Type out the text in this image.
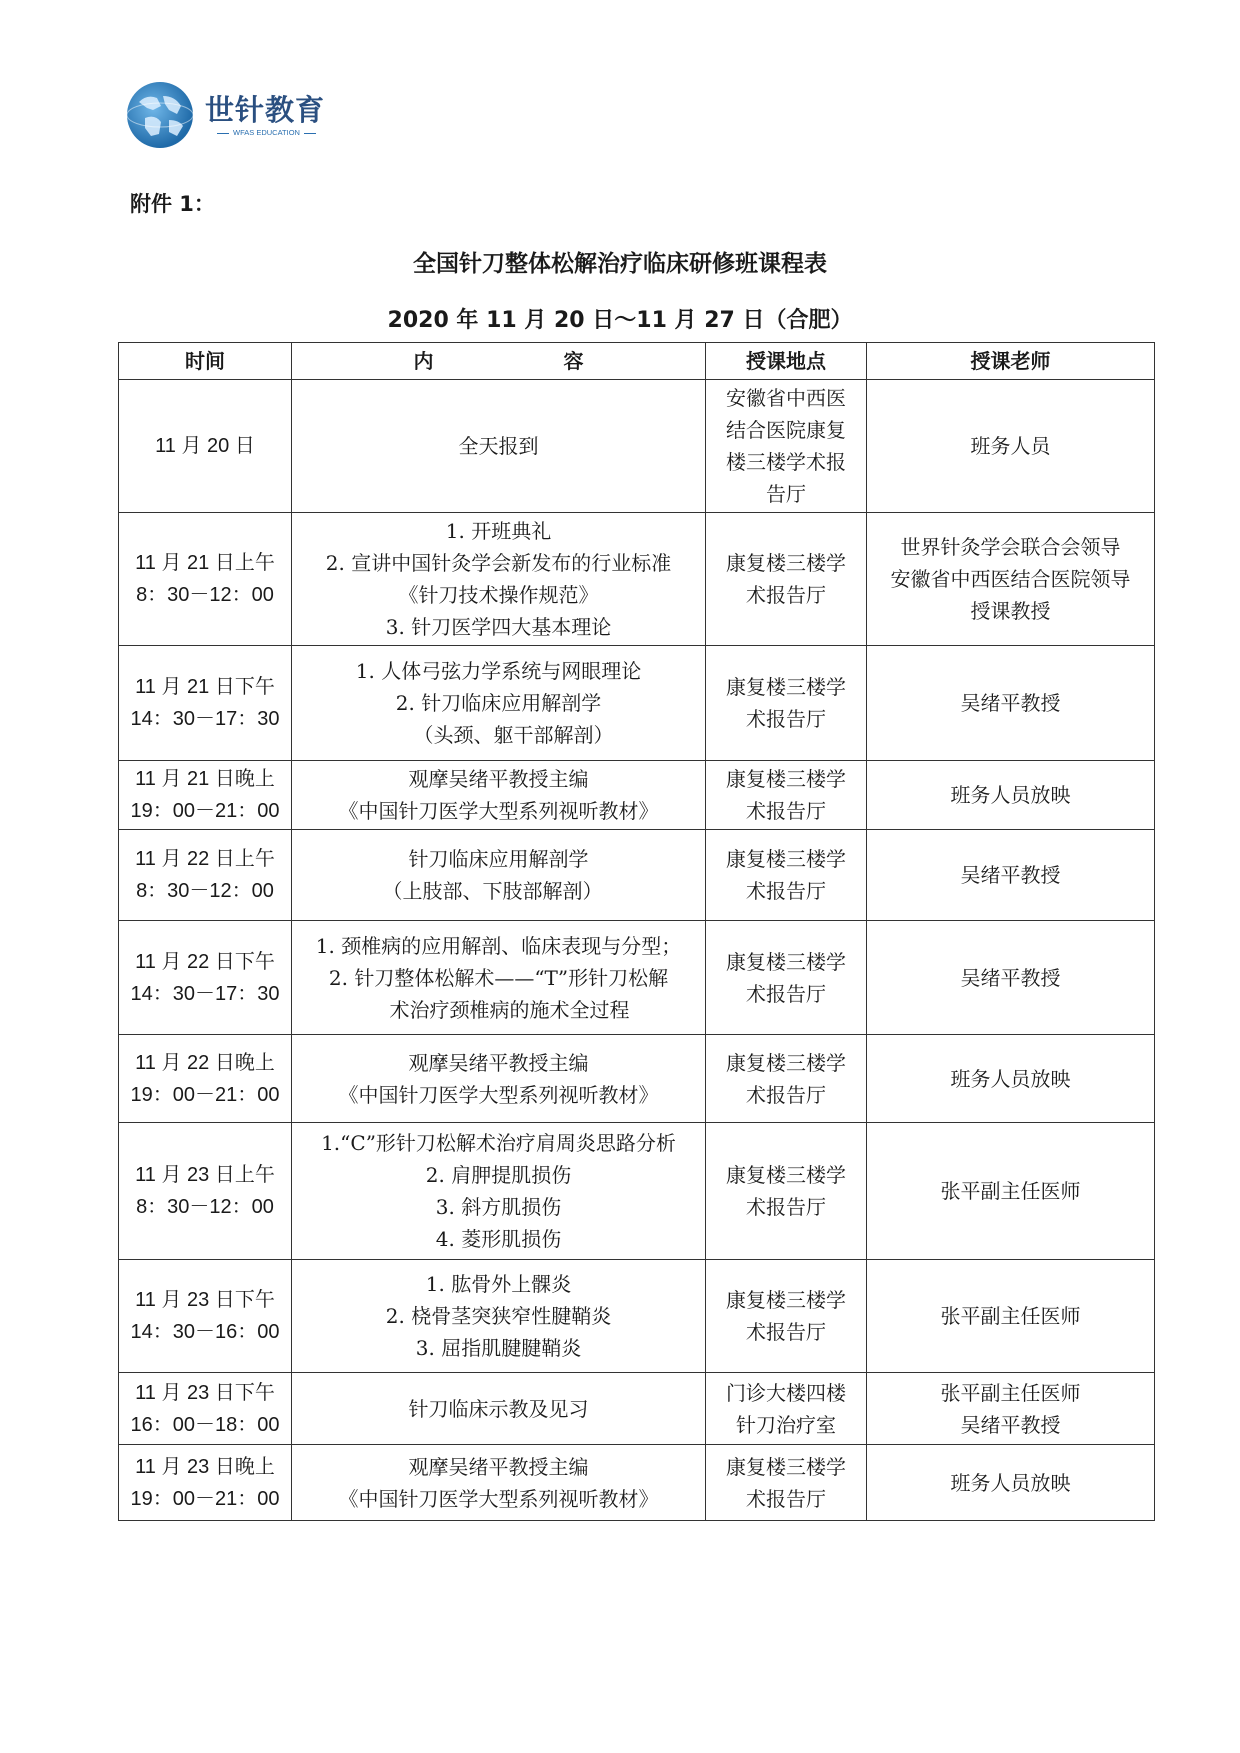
世针教育
WFAS EDUCATION
附件 1：
全国针刀整体松解治疗临床研修班课程表
2020 年 11 月 20 日～11 月 27 日（合肥）
时间	内 容	授课地点	授课老师

11 月 20 日	全天报到	安徽省中西医
结合医院康复
楼三楼学术报
告厅	班务人员

11 月 21 日上午
8：30－12：00	1. 开班典礼
2. 宣讲中国针灸学会新发布的行业标准
《针刀技术操作规范》
3. 针刀医学四大基本理论	康复楼三楼学
术报告厅	世界针灸学会联合会领导
安徽省中西医结合医院领导
授课教授

11 月 21 日下午
14：30－17：30	1. 人体弓弦力学系统与网眼理论
2. 针刀临床应用解剖学
（头颈、躯干部解剖）	康复楼三楼学
术报告厅	吴绪平教授

11 月 21 日晚上
19：00－21：00	观摩吴绪平教授主编
《中国针刀医学大型系列视听教材》	康复楼三楼学
术报告厅	班务人员放映

11 月 22 日上午
8：30－12：00	针刀临床应用解剖学
（上肢部、下肢部解剖）	康复楼三楼学
术报告厅	吴绪平教授

11 月 22 日下午
14：30－17：30	1. 颈椎病的应用解剖、临床表现与分型；
2. 针刀整体松解术——“T”形针刀松解
术治疗颈椎病的施术全过程	康复楼三楼学
术报告厅	吴绪平教授

11 月 22 日晚上
19：00－21：00	观摩吴绪平教授主编
《中国针刀医学大型系列视听教材》	康复楼三楼学
术报告厅	班务人员放映

11 月 23 日上午
8：30－12：00	1.“C”形针刀松解术治疗肩周炎思路分析
2. 肩胛提肌损伤
3. 斜方肌损伤
4. 菱形肌损伤	康复楼三楼学
术报告厅	张平副主任医师

11 月 23 日下午
14：30－16：00	1. 肱骨外上髁炎
2. 桡骨茎突狭窄性腱鞘炎
3. 屈指肌腱腱鞘炎	康复楼三楼学
术报告厅	张平副主任医师

11 月 23 日下午
16：00－18：00	针刀临床示教及见习	门诊大楼四楼
针刀治疗室	张平副主任医师
吴绪平教授

11 月 23 日晚上
19：00－21：00	观摩吴绪平教授主编
《中国针刀医学大型系列视听教材》	康复楼三楼学
术报告厅	班务人员放映
